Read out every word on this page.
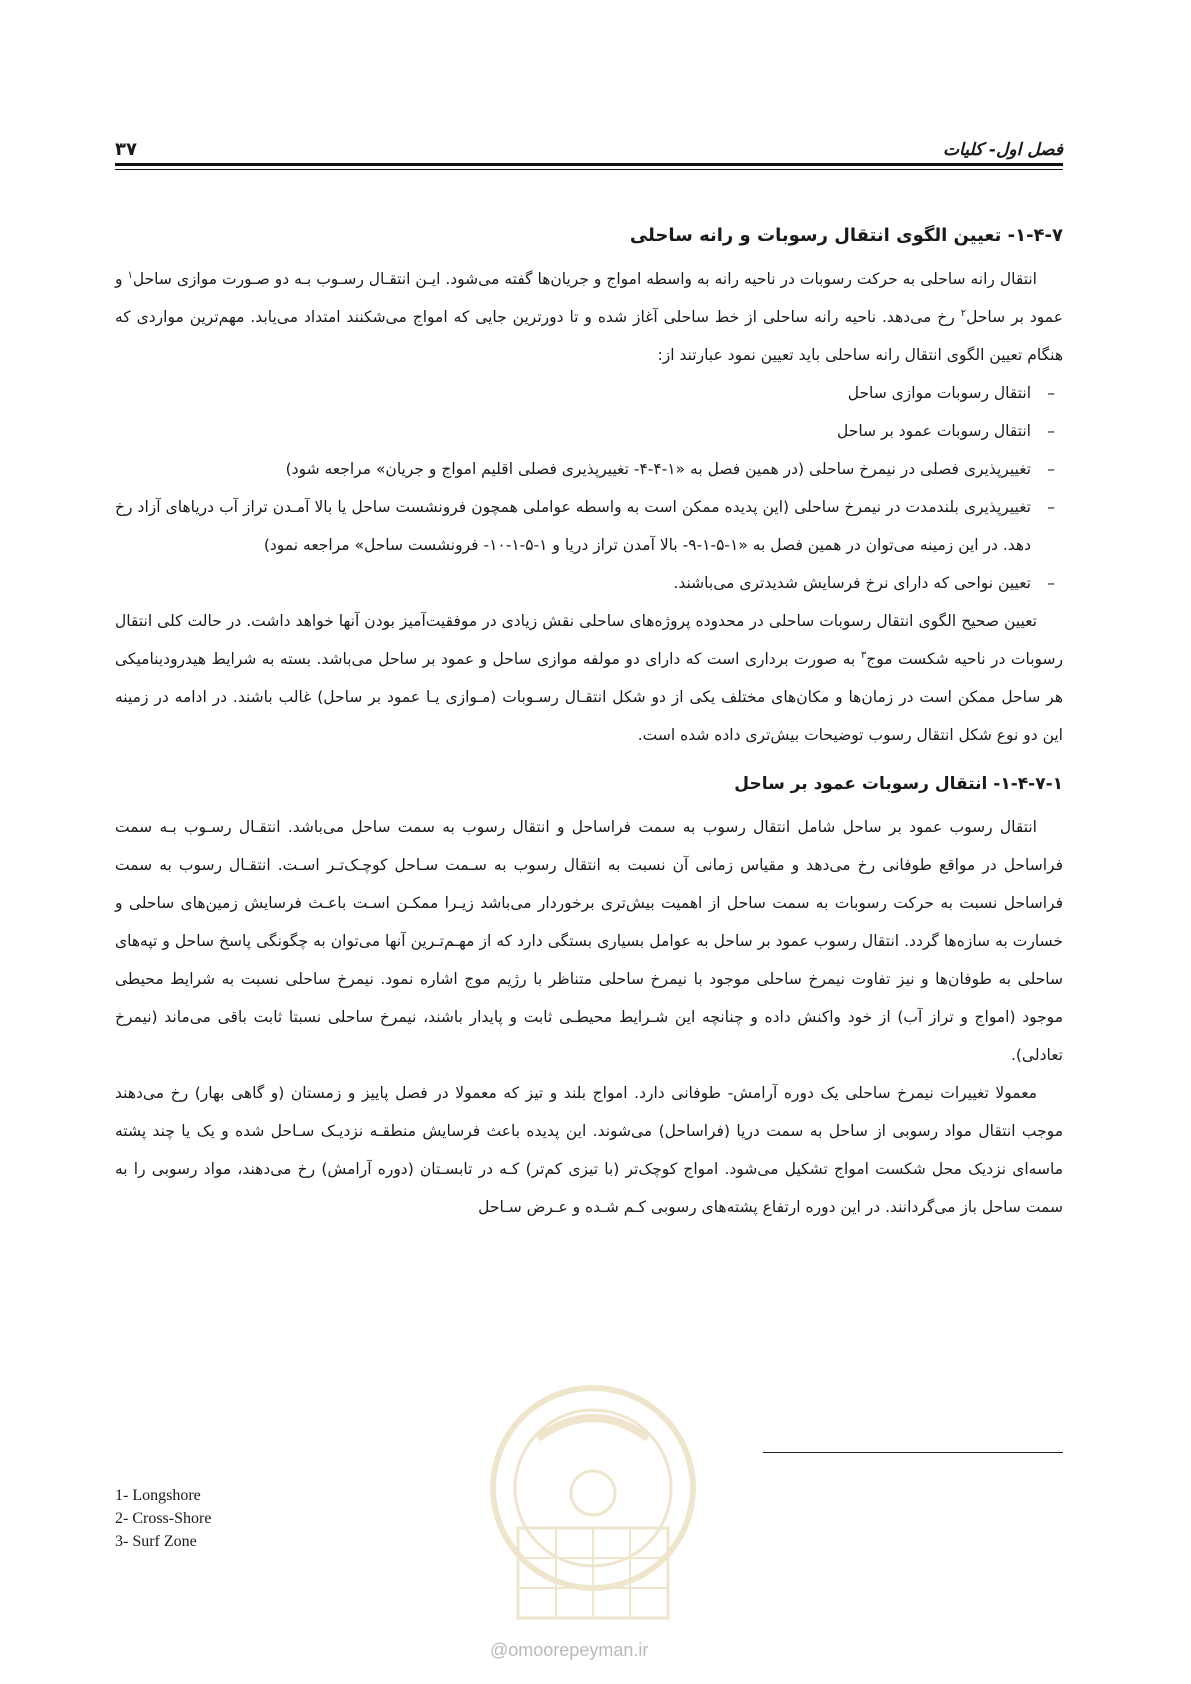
فصل اول- کلیات
۳۷
۱-۴-۷- تعیین الگوی انتقال رسوبات و رانه ساحلی

انتقال رانه ساحلی به حرکت رسوبات در ناحیه رانه به واسطه امواج و جریان‌ها گفته می‌شود. ایـن انتقـال رسـوب بـه دو صـورت موازی ساحل$^۱$ و عمود بر ساحل$^۲$ رخ می‌دهد. ناحیه رانه ساحلی از خط ساحلی آغاز شده و تا دورترین جایی که امواج می‌شکنند امتداد می‌یابد. مهم‌ترین مواردی که هنگام تعیین الگوی انتقال رانه ساحلی باید تعیین نمود عبارتند از:

–
انتقال رسوبات موازی ساحل
–
انتقال رسوبات عمود بر ساحل
–
تغییرپذیری فصلی در نیمرخ ساحلی (در همین فصل به «۱-۴-۴- تغییرپذیری فصلی اقلیم امواج و جریان» مراجعه شود)
–
تغییرپذیری بلندمدت در نیمرخ ساحلی (این پدیده ممکن است به واسطه عواملی همچون فرونشست ساحل یا بالا آمـدن تراز آب دریاهای آزاد رخ دهد. در این زمینه می‌توان در همین فصل به «۱-۵-۱-۹- بالا آمدن تراز دریا و ۱-۵-۱-۱۰- فرونشست ساحل» مراجعه نمود)
–
تعیین نواحی که دارای نرخ فرسایش شدیدتری می‌باشند.

تعیین صحیح الگوی انتقال رسوبات ساحلی در محدوده پروژه‌های ساحلی نقش زیادی در موفقیت‌آمیز بودن آنها خواهد داشت. در حالت کلی انتقال رسوبات در ناحیه شکست موج$^۳$ به صورت برداری است که دارای دو مولفه موازی ساحل و عمود بر ساحل می‌باشد. بسته به شرایط هیدرودینامیکی هر ساحل ممکن است در زمان‌ها و مکان‌های مختلف یکی از دو شکل انتقـال رسـوبات (مـوازی یـا عمود بر ساحل) غالب باشند. در ادامه در زمینه این دو نوع شکل انتقال رسوب توضیحات بیش‌تری داده شده است.

۱-۴-۷-۱- انتقال رسوبات عمود بر ساحل

انتقال رسوب عمود بر ساحل شامل انتقال رسوب به سمت فراساحل و انتقال رسوب به سمت ساحل می‌باشد. انتقـال رسـوب بـه سمت فراساحل در مواقع طوفانی رخ می‌دهد و مقیاس زمانی آن نسبت به انتقال رسوب به سـمت سـاحل کوچـک‌تـر اسـت. انتقـال رسوب به سمت فراساحل نسبت به حرکت رسوبات به سمت ساحل از اهمیت بیش‌تری برخوردار می‌باشد زیـرا ممکـن اسـت باعـث فرسایش زمین‌های ساحلی و خسارت به سازه‌ها گردد. انتقال رسوب عمود بر ساحل به عوامل بسیاری بستگی دارد که از مهـم‌تـرین آنها می‌توان به چگونگی پاسخ ساحل و تپه‌های ساحلی به طوفان‌ها و نیز تفاوت نیمرخ ساحلی موجود با نیمرخ ساحلی متناظر با رژیم موج اشاره نمود. نیمرخ ساحلی نسبت به شرایط محیطی موجود (امواج و تراز آب) از خود واکنش داده و چنانچه این شـرایط محیطـی ثابت و پایدار باشند، نیمرخ ساحلی نسبتا ثابت باقی می‌ماند (نیمرخ تعادلی).

معمولا تغییرات نیمرخ ساحلی یک دوره آرامش- طوفانی دارد. امواج بلند و تیز که معمولا در فصل پاییز و زمستان (و گاهی بهار) رخ می‌دهند موجب انتقال مواد رسوبی از ساحل به سمت دریا (فراساحل) می‌شوند. این پدیده باعث فرسایش منطقـه نزدیـک سـاحل شده و یک یا چند پشته ماسه‌ای نزدیک محل شکست امواج تشکیل می‌شود. امواج کوچک‌تر (با تیزی کم‌تر) کـه در تابسـتان (دوره آرامش) رخ می‌دهند، مواد رسوبی را به سمت ساحل باز می‌گردانند. در این دوره ارتفاع پشته‌های رسوبی کـم شـده و عـرض سـاحل

1- Longshore
2- Cross-Shore
3- Surf Zone
@omoorepeyman.ir
